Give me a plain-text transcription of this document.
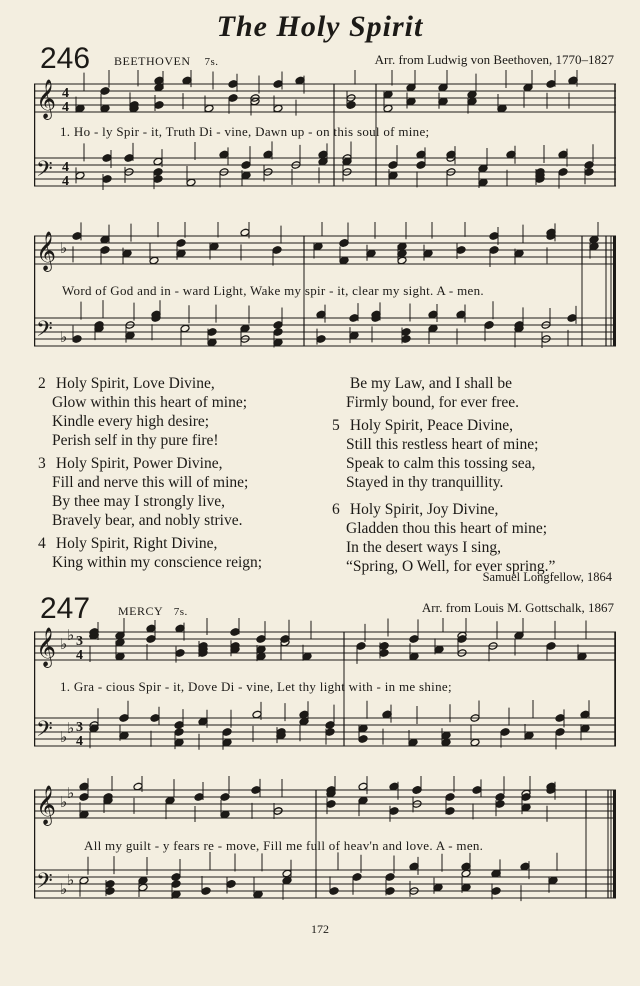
The Holy Spirit
246 BEETHOVEN 7s.	Arr. from Ludwig von Beethoven, 1770–1827
𝄞 4
4
𝄢 4
4
1. Ho - ly Spir - it, Truth Di - vine, Dawn up - on this soul of mine;
𝄞 ♭
𝄢 ♭
Word of God and in - ward Light, Wake my spir - it, clear my sight. A - men.
2 Holy Spirit, Love Divine,
Glow within this heart of mine;
Kindle every high desire;
Perish self in thy pure fire!
3 Holy Spirit, Power Divine,
Fill and nerve this will of mine;
By thee may I strongly live,
Bravely bear, and nobly strive.
4 Holy Spirit, Right Divine,
King within my conscience reign;
Be my Law, and I shall be
Firmly bound, for ever free.
5 Holy Spirit, Peace Divine,
Still this restless heart of mine;
Speak to calm this tossing sea,
Stayed in thy tranquillity.
6 Holy Spirit, Joy Divine,
Gladden thou this heart of mine;
In the desert ways I sing,
“Spring, O Well, for ever spring.”
Samuel Longfellow, 1864
247 MERCY 7s.	Arr. from Louis M. Gottschalk, 1867
𝄞 ♭ ♭ 3
4
𝄢 ♭ ♭ 3
4
1. Gra - cious Spir - it, Dove Di - vine, Let thy light with - in me shine;
𝄞 ♭ ♭
𝄢 ♭ ♭
All my guilt - y fears re - move, Fill me full of heav'n and love. A - men.
172
